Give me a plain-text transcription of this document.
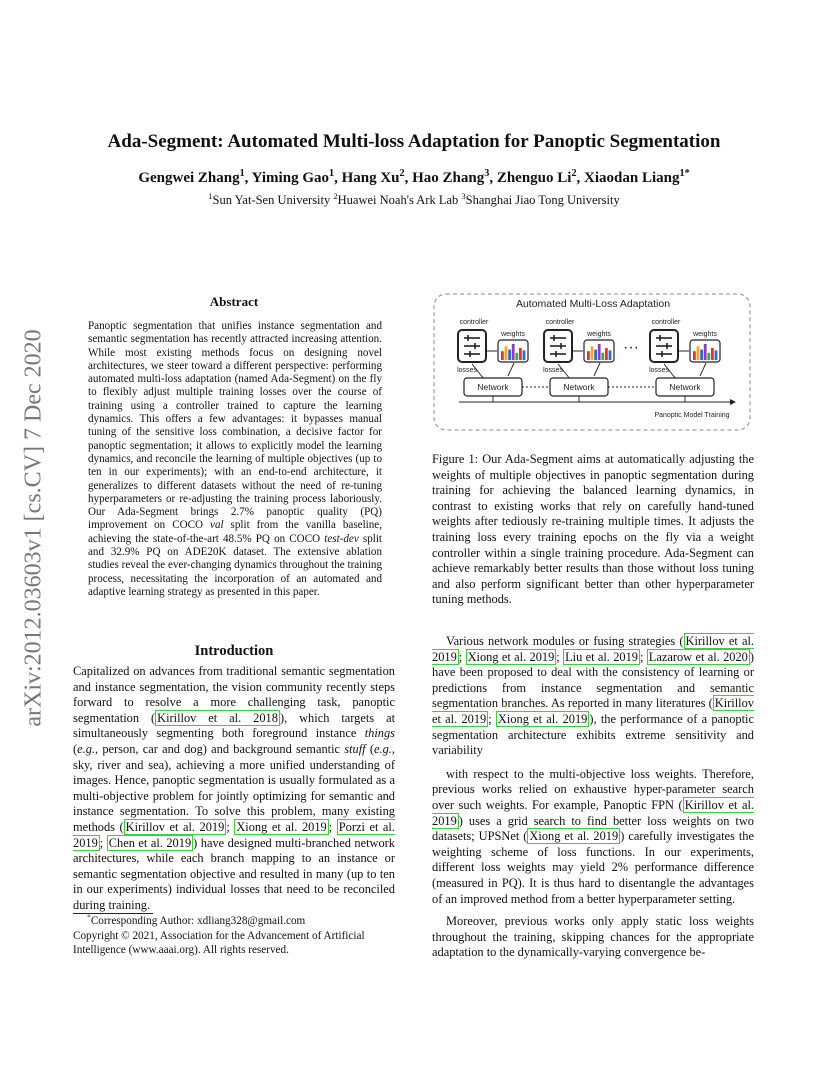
arXiv:2012.03603v1 [cs.CV] 7 Dec 2020
Ada-Segment: Automated Multi-loss Adaptation for Panoptic Segmentation
Gengwei Zhang$^1$, Yiming Gao$^1$, Hang Xu$^2$, Hao Zhang$^3$, Zhenguo Li$^2$, Xiaodan Liang$^{1*}$
$^1$Sun Yat-Sen University $^2$Huawei Noah's Ark Lab $^3$Shanghai Jiao Tong University
Abstract
Panoptic segmentation that unifies instance segmentation and semantic segmentation has recently attracted increasing attention. While most existing methods focus on designing novel architectures, we steer toward a different perspective: performing automated multi-loss adaptation (named Ada-Segment) on the fly to flexibly adjust multiple training losses over the course of training using a controller trained to capture the learning dynamics. This offers a few advantages: it bypasses manual tuning of the sensitive loss combination, a decisive factor for panoptic segmentation; it allows to explicitly model the learning dynamics, and reconcile the learning of multiple objectives (up to ten in our experiments); with an end-to-end architecture, it generalizes to different datasets without the need of re-tuning hyperparameters or re-adjusting the training process laboriously. Our Ada-Segment brings 2.7% panoptic quality (PQ) improvement on COCO val split from the vanilla baseline, achieving the state-of-the-art 48.5% PQ on COCO test-dev split and 32.9% PQ on ADE20K dataset. The extensive ablation studies reveal the ever-changing dynamics throughout the training process, necessitating the incorporation of an automated and adaptive learning strategy as presented in this paper.
Introduction
Capitalized on advances from traditional semantic segmentation and instance segmentation, the vision community recently steps forward to resolve a more challenging task, panoptic segmentation ( Kirillov et al. 2018 ), which targets at simultaneously segmenting both foreground instance things (e.g., person, car and dog) and background semantic stuff (e.g., sky, river and sea), achieving a more unified understanding of images. Hence, panoptic segmentation is usually formulated as a multi-objective problem for jointly optimizing for semantic and instance segmentation. To solve this problem, many existing methods ( Kirillov et al. 2019 ; Xiong et al. 2019 ; Porzi et al. 2019 ; Chen et al. 2019 ) have designed multi-branched network architectures, while each branch mapping to an instance or semantic segmentation objective and resulted in many (up to ten in our experiments) individual losses that need to be reconciled during training.

*Corresponding Author: xdliang328@gmail.com

Copyright © 2021, Association for the Advancement of Artificial

Intelligence (www.aaai.org). All rights reserved.

Automated Multi-Loss Adaptation
controller
weights
losses
Network
controller
weights
losses
Network
controller
weights
losses
Network
···
Panoptic Model Training
Figure 1: Our Ada-Segment aims at automatically adjusting the weights of multiple objectives in panoptic segmentation during training for achieving the balanced learning dynamics, in contrast to existing works that rely on carefully hand-tuned weights after tediously re-training multiple times. It adjusts the training loss every training epochs on the fly via a weight controller within a single training procedure. Ada-Segment can achieve remarkably better results than those without loss tuning and also perform significant better than other hyperparameter tuning methods.

Various network modules or fusing strategies ( Kirillov et al. 2019 ; Xiong et al. 2019 ; Liu et al. 2019 ; Lazarow et al. 2020 ) have been proposed to deal with the consistency of learning or predictions from instance segmentation and semantic segmentation branches. As reported in many literatures ( Kirillov et al. 2019 ; Xiong et al. 2019 ), the performance of a panoptic segmentation architecture exhibits extreme sensitivity and variability

with respect to the multi-objective loss weights. Therefore, previous works relied on exhaustive hyper-parameter search over such weights. For example, Panoptic FPN ( Kirillov et al. 2019 ) uses a grid search to find better loss weights on two datasets; UPSNet ( Xiong et al. 2019 ) carefully investigates the weighting scheme of loss functions. In our experiments, different loss weights may yield 2% performance difference (measured in PQ). It is thus hard to disentangle the advantages of an improved method from a better hyperparameter setting.

Moreover, previous works only apply static loss weights throughout the training, skipping chances for the appropriate adaptation to the dynamically-varying convergence be-
